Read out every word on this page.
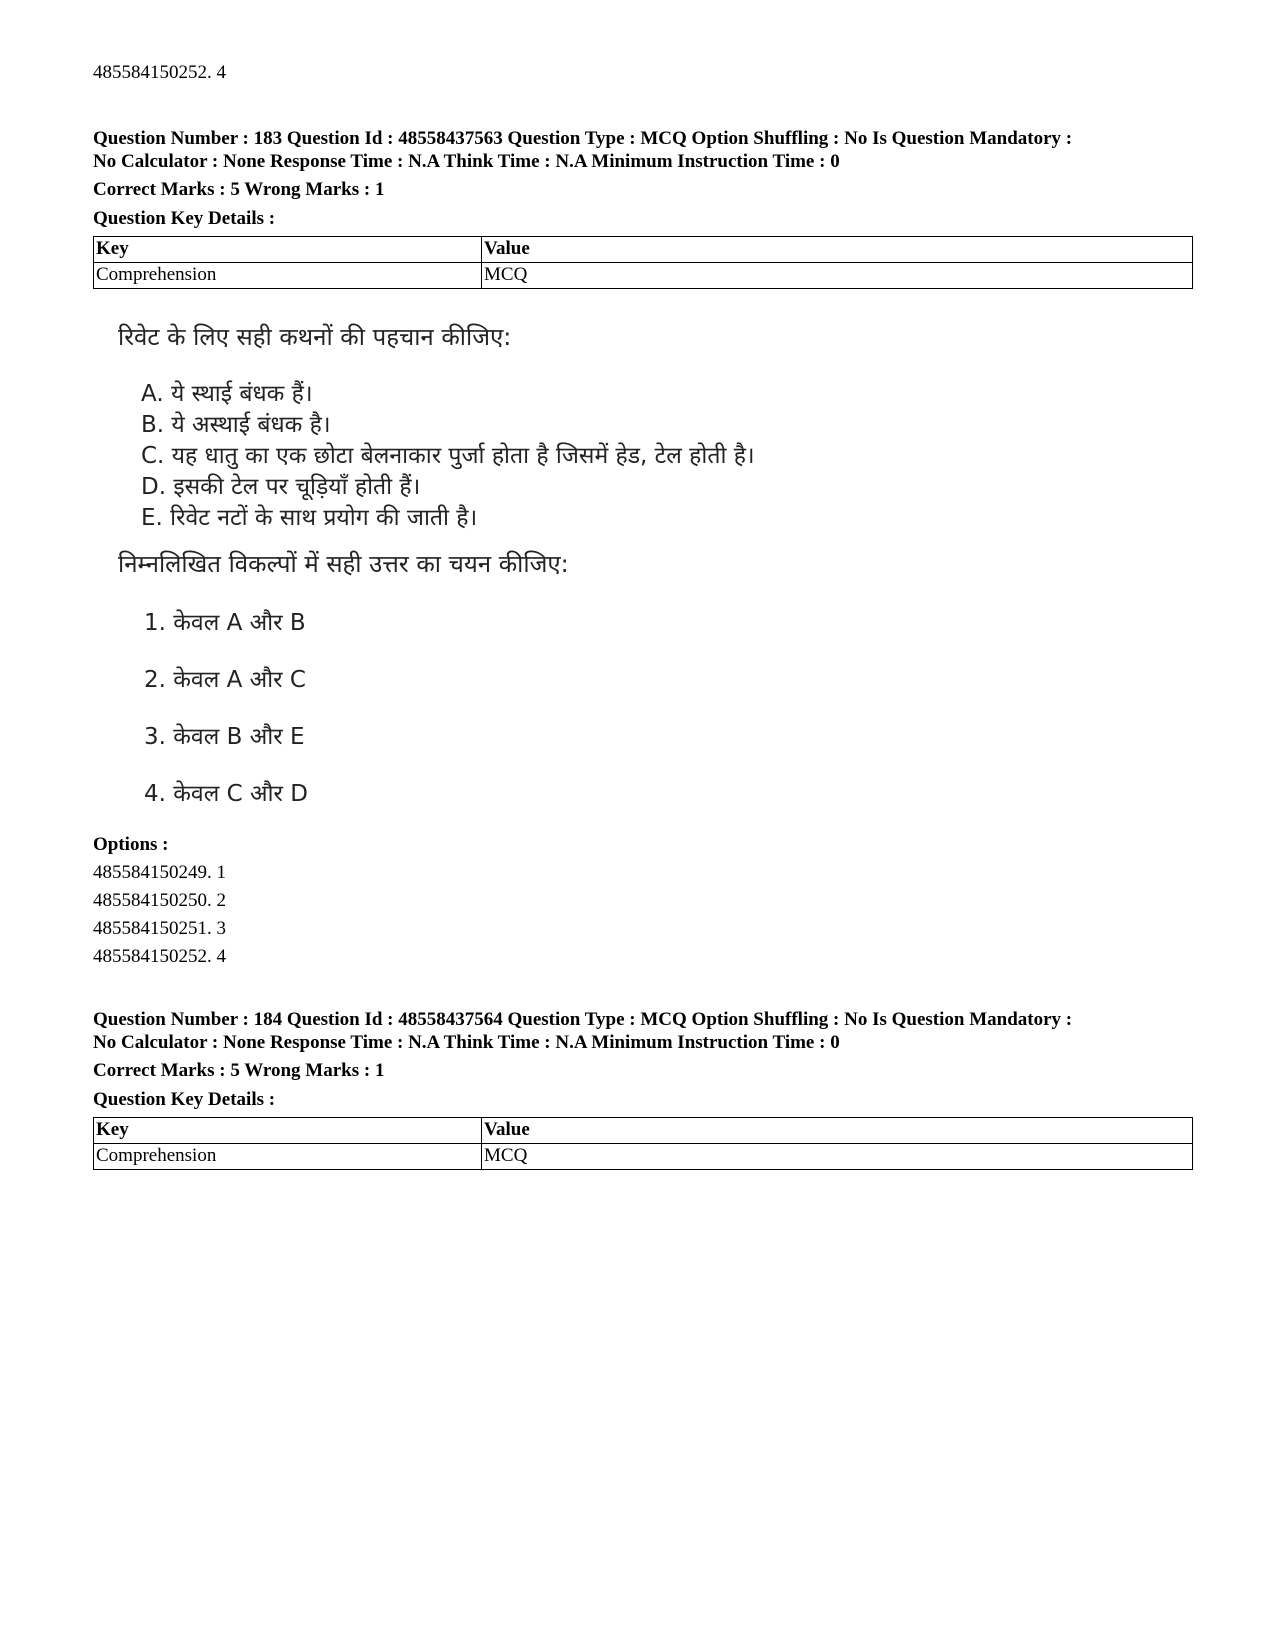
485584150252. 4
Question Number : 183 Question Id : 48558437563 Question Type : MCQ Option Shuffling : No Is Question Mandatory :
No Calculator : None Response Time : N.A Think Time : N.A Minimum Instruction Time : 0
Correct Marks : 5 Wrong Marks : 1
Question Key Details :
Key	Value
Comprehension	MCQ
रिवेट के लिए सही कथनों की पहचान कीजिए:
A. ये स्थाई बंधक हैं।
B. ये अस्थाई बंधक है।
C. यह धातु का एक छोटा बेलनाकार पुर्जा होता है जिसमें हेड, टेल होती है।
D. इसकी टेल पर चूड़ियाँ होती हैं।
E. रिवेट नटों के साथ प्रयोग की जाती है।
निम्नलिखित विकल्पों में सही उत्तर का चयन कीजिए:
1. केवल A और B
2. केवल A और C
3. केवल B और E
4. केवल C और D
Options :
485584150249. 1
485584150250. 2
485584150251. 3
485584150252. 4
Question Number : 184 Question Id : 48558437564 Question Type : MCQ Option Shuffling : No Is Question Mandatory :
No Calculator : None Response Time : N.A Think Time : N.A Minimum Instruction Time : 0
Correct Marks : 5 Wrong Marks : 1
Question Key Details :
Key	Value
Comprehension	MCQ
